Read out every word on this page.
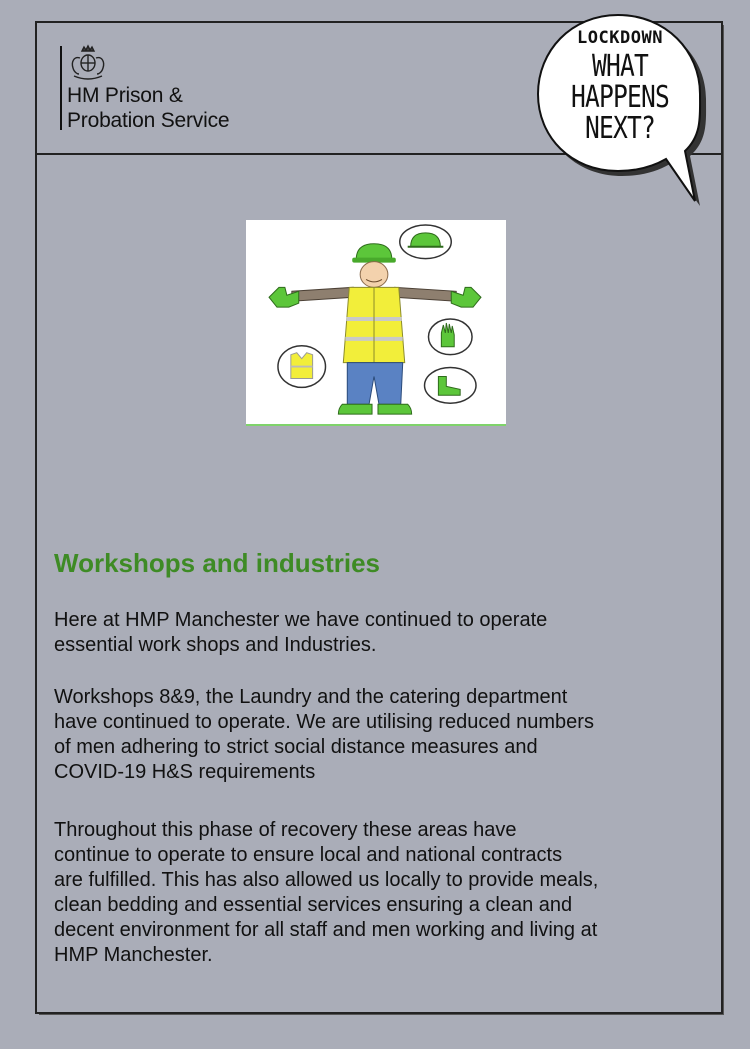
HM Prison &
Probation Service
LOCKDOWN
WHAT
HAPPENS
NEXT?
Workshops and industries

Here at HMP Manchester we have continued to operate
essential work shops and Industries.

Workshops 8&9, the Laundry and the catering department
have continued to operate. We are utilising reduced numbers
of men adhering to strict social distance measures and
COVID-19 H&S requirements

Throughout this phase of recovery these areas have
continue to operate to ensure local and national contracts
are fulfilled. This has also allowed us locally to provide meals,
clean bedding and essential services ensuring a clean and
decent environment for all staff and men working and living at
HMP Manchester.
